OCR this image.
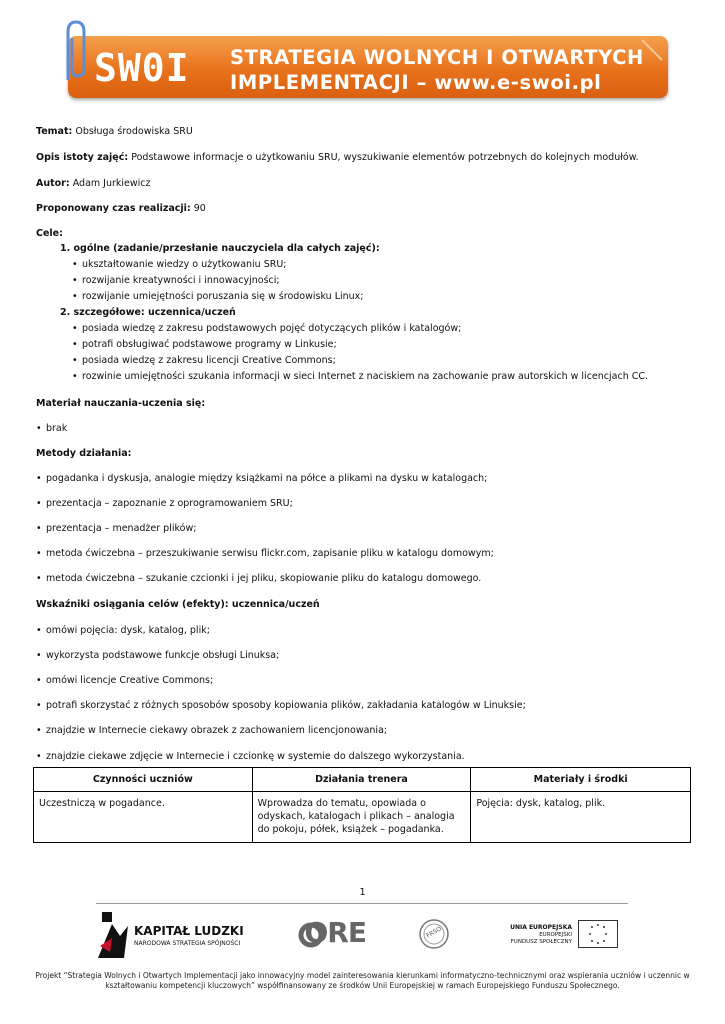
SW0I STRATEGIA WOLNYCH I OTWARTYCH
IMPLEMENTACJI – www.e-swoi.pl
Temat: Obsługa środowiska SRU
Opis istoty zajęć: Podstawowe informacje o użytkowaniu SRU, wyszukiwanie elementów potrzebnych do kolejnych modułów.
Autor: Adam Jurkiewicz
Proponowany czas realizacji: 90
Cele:
1. ogólne (zadanie/przesłanie nauczyciela dla całych zajęć):
• ukształtowanie wiedzy o użytkowaniu SRU;
• rozwijanie kreatywności i innowacyjności;
• rozwijanie umiejętności poruszania się w środowisku Linux;
2. szczegółowe: uczennica/uczeń
• posiada wiedzę z zakresu podstawowych pojęć dotyczących plików i katalogów;
• potrafi obsługiwać podstawowe programy w Linkusie;
• posiada wiedzę z zakresu licencji Creative Commons;
• rozwinie umiejętności szukania informacji w sieci Internet z naciskiem na zachowanie praw autorskich w licencjach CC.
Materiał nauczania-uczenia się:
• brak
Metody działania:
• pogadanka i dyskusja, analogie między książkami na półce a plikami na dysku w katalogach;
• prezentacja – zapoznanie z oprogramowaniem SRU;
• prezentacja – menadżer plików;
• metoda ćwiczebna – przeszukiwanie serwisu flickr.com, zapisanie pliku w katalogu domowym;
• metoda ćwiczebna – szukanie czcionki i jej pliku, skopiowanie pliku do katalogu domowego.
Wskaźniki osiągania celów (efekty): uczennica/uczeń
• omówi pojęcia: dysk, katalog, plik;
• wykorzysta podstawowe funkcje obsługi Linuksa;
• omówi licencje Creative Commons;
• potrafi skorzystać z różnych sposobów sposoby kopiowania plików, zakładania katalogów w Linuksie;
• znajdzie w Internecie ciekawy obrazek z zachowaniem licencjonowania;
• znajdzie ciekawe zdjęcie w Internecie i czcionkę w systemie do dalszego wykorzystania.
Czynności uczniów	Działania trenera	Materiały i środki
Uczestniczą w pogadance.	Wprowadza do tematu, opowiada o odyskach, katalogach i plikach – analogia do pokoju, półek, książek – pogadanka.	Pojęcia: dysk, katalog, plik.
1
KAPITAŁ LUDZKI
NARODOWA STRATEGIA SPÓJNOŚCI	ORE	FRSO	UNIA EUROPEJSKA
EUROPEJSKI
FUNDUSZ SPOŁECZNY
Projekt “Strategia Wolnych i Otwartych Implementacji jako innowacyjny model zainteresowania kierunkami informatyczno-technicznymi oraz wspierania uczniów i uczennic w kształtowaniu kompetencji kluczowych” współfinansowany ze środków Unii Europejskiej w ramach Europejskiego Funduszu Społecznego.
